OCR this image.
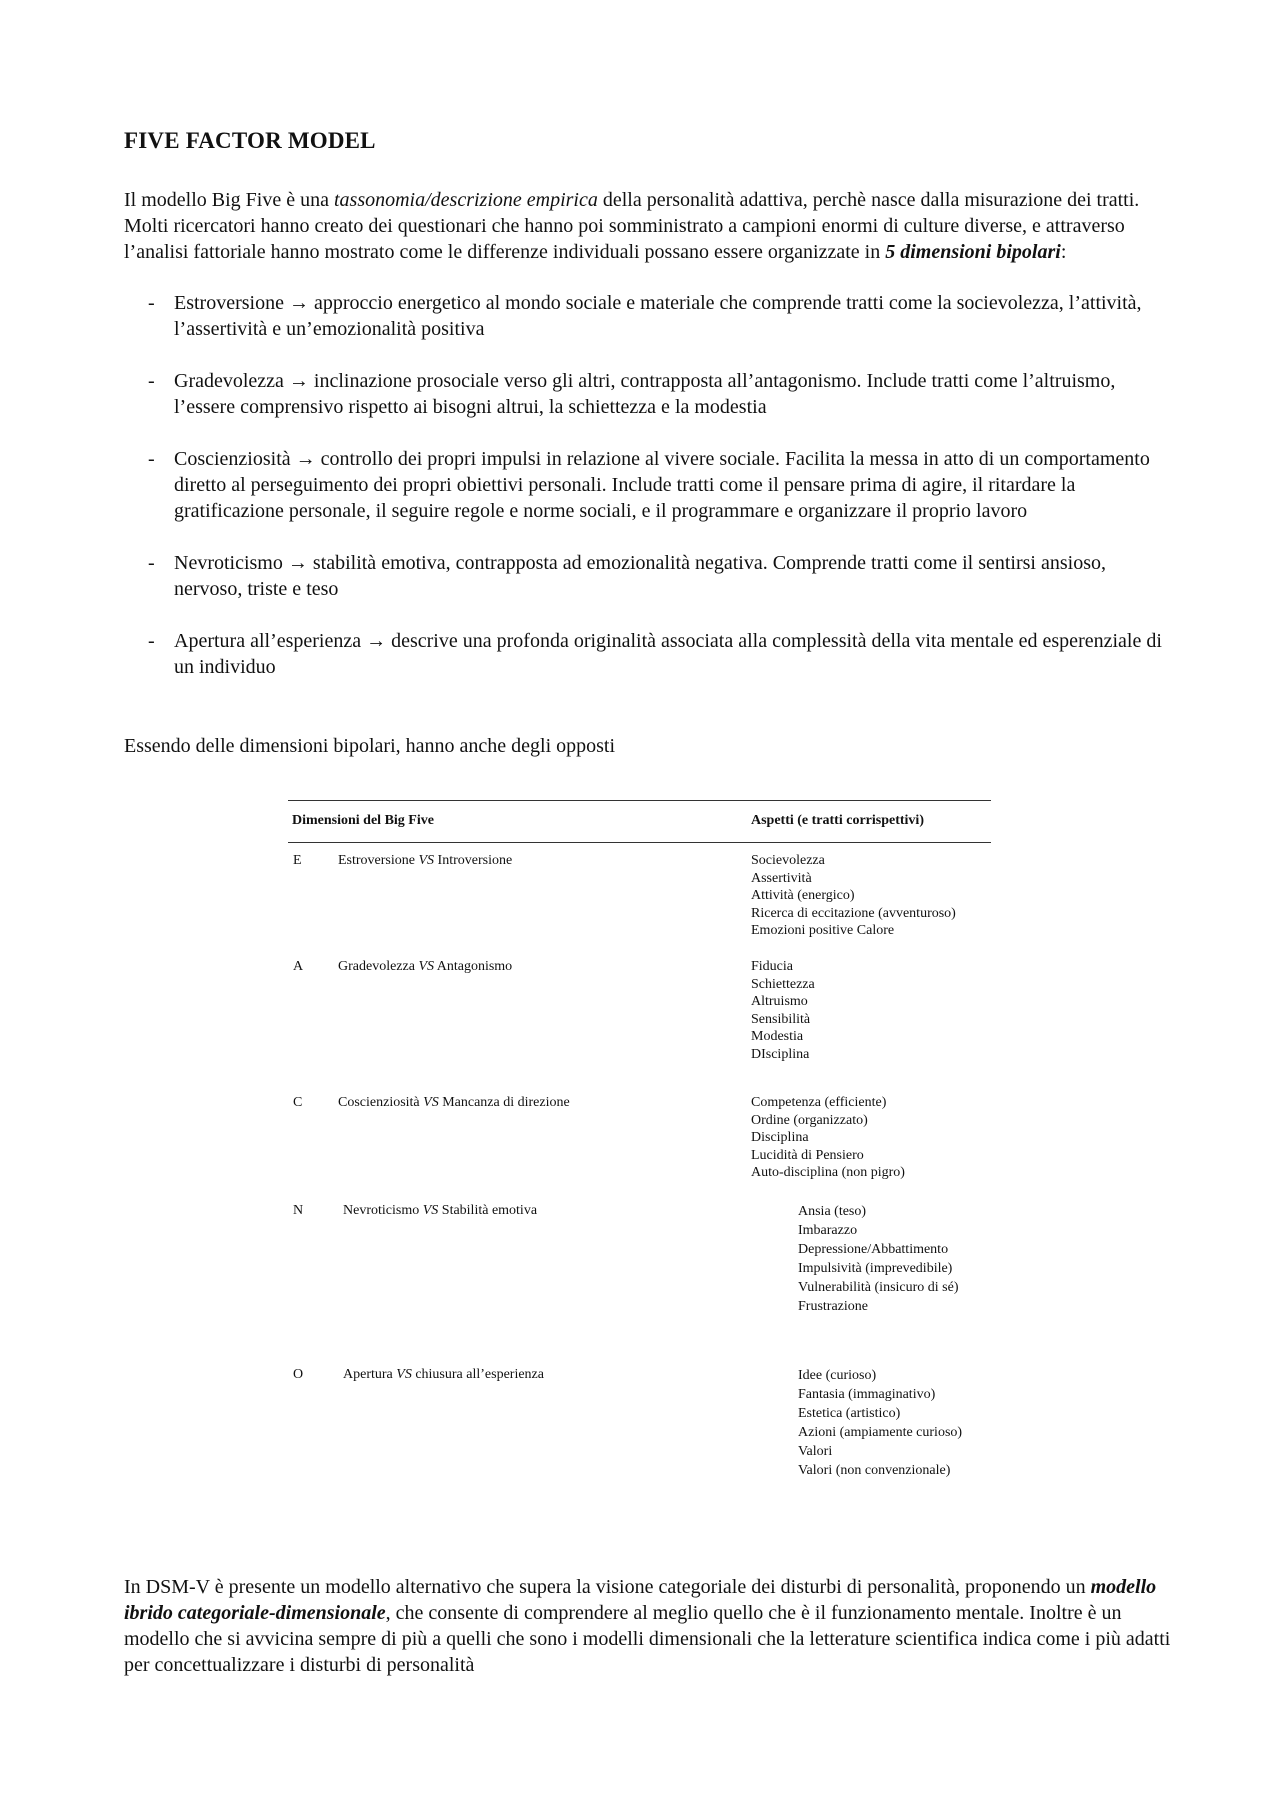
FIVE FACTOR MODEL

Il modello Big Five è una tassonomia/descrizione empirica della personalità adattiva, perchè nasce dalla misurazione dei tratti. Molti ricercatori hanno creato dei questionari che hanno poi somministrato a campioni enormi di culture diverse, e attraverso l’analisi fattoriale hanno mostrato come le differenze individuali possano essere organizzate in 5 dimensioni bipolari:

- Estroversione → approccio energetico al mondo sociale e materiale che comprende tratti come la socievolezza, l’attività, l’assertività e un’emozionalità positiva
- Gradevolezza → inclinazione prosociale verso gli altri, contrapposta all’antagonismo. Include tratti come l’altruismo, l’essere comprensivo rispetto ai bisogni altrui, la schiettezza e la modestia
- Coscienziosità → controllo dei propri impulsi in relazione al vivere sociale. Facilita la messa in atto di un comportamento diretto al perseguimento dei propri obiettivi personali. Include tratti come il pensare prima di agire, il ritardare la gratificazione personale, il seguire regole e norme sociali, e il programmare e organizzare il proprio lavoro
- Nevroticismo → stabilità emotiva, contrapposta ad emozionalità negativa. Comprende tratti come il sentirsi ansioso, nervoso, triste e teso
- Apertura all’esperienza → descrive una profonda originalità associata alla complessità della vita mentale ed esperenziale di un individuo

Essendo delle dimensioni bipolari, hanno anche degli opposti

Dimensioni del Big Five	Aspetti (e tratti corrispettivi)
E	Estroversione VS Introversione	Socievolezza
Assertività
Attività (energico)
Ricerca di eccitazione (avventuroso)
Emozioni positive Calore
A Gradevolezza VS Antagonismo	Fiducia
Schiettezza
Altruismo
Sensibilità
Modestia
DIsciplina
C	Coscienziosità VS Mancanza di direzione	Competenza (efficiente)
Ordine (organizzato)
Disciplina
Lucidità di Pensiero
Auto-disciplina (non pigro)
N	Nevroticismo VS Stabilità emotiva	Ansia (teso)
Imbarazzo
Depressione/Abbattimento
Impulsività (imprevedibile)
Vulnerabilità (insicuro di sé)
Frustrazione
O	Apertura VS chiusura all’esperienza	Idee (curioso)
Fantasia (immaginativo)
Estetica (artistico)
Azioni (ampiamente curioso)
Valori
Valori (non convenzionale)

In DSM-V è presente un modello alternativo che supera la visione categoriale dei disturbi di personalità, proponendo un modello ibrido categoriale-dimensionale, che consente di comprendere al meglio quello che è il funzionamento mentale. Inoltre è un modello che si avvicina sempre di più a quelli che sono i modelli dimensionali che la letterature scientifica indica come i più adatti per concettualizzare i disturbi di personalità
